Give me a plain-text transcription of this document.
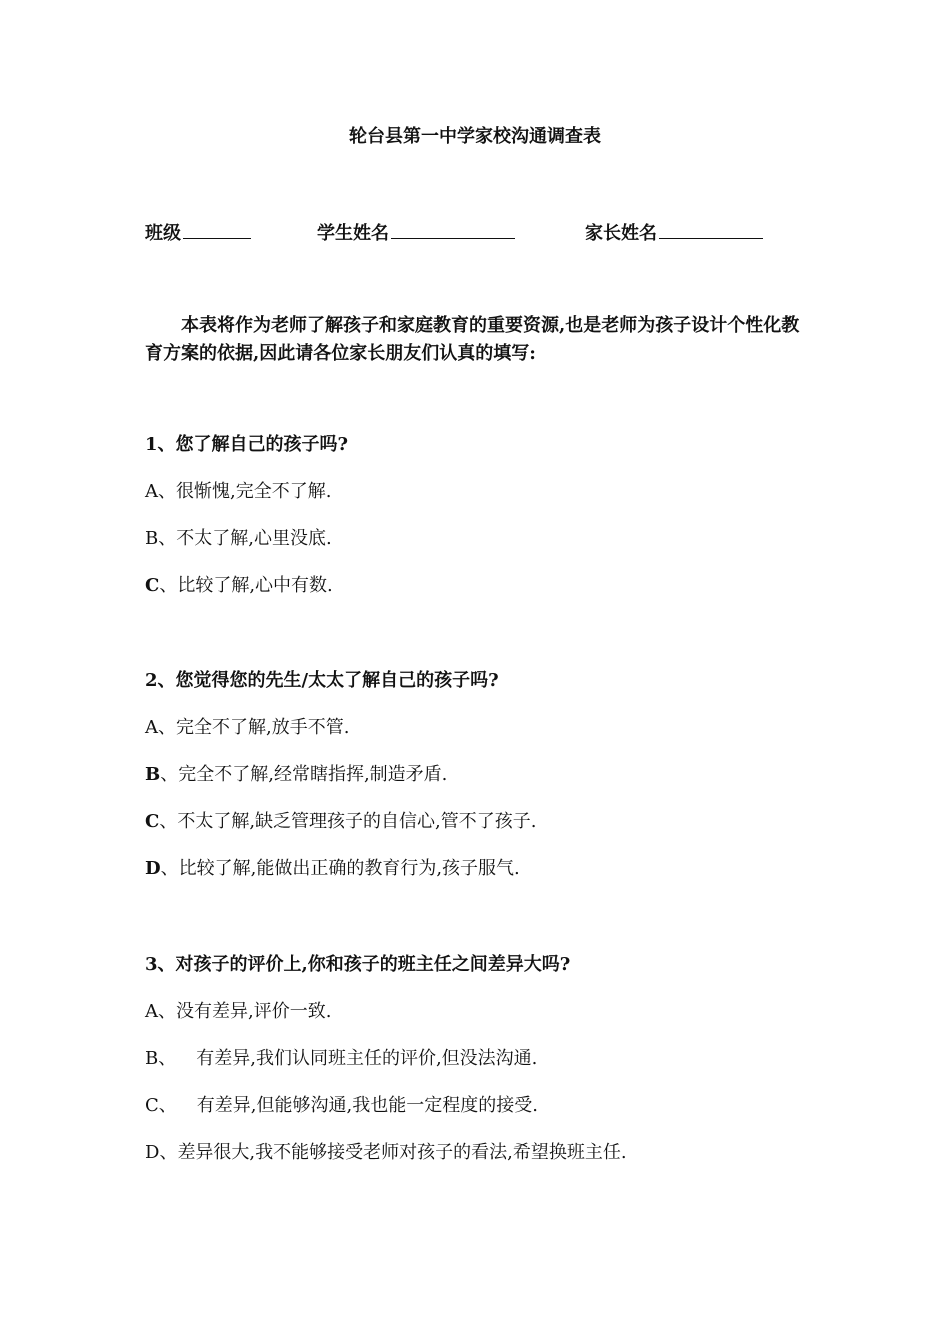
轮台县第一中学家校沟通调查表
班级	学生姓名	家长姓名
本表将作为老师了解孩子和家庭教育的重要资源,也是老师为孩子设计个性化教育方案的依据,因此请各位家长朋友们认真的填写:
1、您了解自己的孩子吗?
A、很惭愧,完全不了解.
B、不太了解,心里没底.
C、比较了解,心中有数.
2、您觉得您的先生/太太了解自己的孩子吗?
A、完全不了解,放手不管.
B、完全不了解,经常瞎指挥,制造矛盾.
C、不太了解,缺乏管理孩子的自信心,管不了孩子.
D、比较了解,能做出正确的教育行为,孩子服气.
3、对孩子的评价上,你和孩子的班主任之间差异大吗?
A、没有差异,评价一致.
B、 有差异,我们认同班主任的评价,但没法沟通.
C、 有差异,但能够沟通,我也能一定程度的接受.
D、差异很大,我不能够接受老师对孩子的看法,希望换班主任.
